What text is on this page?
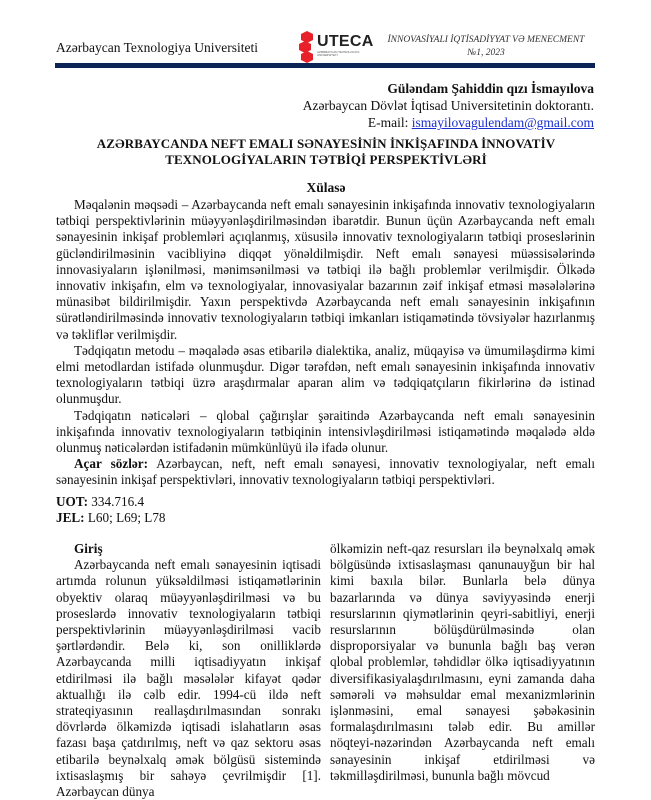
Azərbaycan Texnologiya Universiteti	UTECA
AZƏRBAYCAN TEXNOLOGİYA UNİVERSİTETİ
İNNOVASİYALI İQTİSADİYYAT VƏ MENECMENT
№1, 2023
Güləndam Şahiddin qızı İsmayılova
Azərbaycan Dövlət İqtisad Universitetinin doktorantı.
E-mail: ismayilovagulendam@gmail.com
AZƏRBAYCANDA NEFT EMALI SƏNAYESİNİN İNKİŞAFINDA İNNOVATİV
TEXNOLOGİYALARIN TƏTBİQİ PERSPEKTİVLƏRİ
Xülasə

Məqalənin məqsədi – Azərbaycanda neft emalı sənayesinin inkişafında innovativ texnologiyaların tətbiqi perspektivlərinin müəyyənləşdirilməsindən ibarətdir. Bunun üçün Azərbaycanda neft emalı sənayesinin inkişaf problemləri açıqlanmış, xüsusilə innovativ texnologiyaların tətbiqi proseslərinin gücləndirilməsinin vacibliyinə diqqət yönəldilmişdir. Neft emalı sənayesi müəssisələrində innovasiyaların işlənilməsi, mənimsənilməsi və tətbiqi ilə bağlı problemlər verilmişdir. Ölkədə innovativ inkişafın, elm və texnologiyalar, innovasiyalar bazarının zəif inkişaf etməsi məsələlərinə münasibət bildirilmişdir. Yaxın perspektivdə Azərbaycanda neft emalı sənayesinin inkişafının sürətləndirilməsində innovativ texnologiyaların tətbiqi imkanları istiqamətində tövsiyələr hazırlanmış və təkliflər verilmişdir.

Tədqiqatın metodu – məqalədə əsas etibarilə dialektika, analiz, müqayisə və ümumiləşdirmə kimi elmi metodlardan istifadə olunmuşdur. Digər tərəfdən, neft emalı sənayesinin inkişafında innovativ texnologiyaların tətbiqi üzrə araşdırmalar aparan alim və tədqiqatçıların fikirlərinə də istinad olunmuşdur.

Tədqiqatın nəticələri – qlobal çağırışlar şəraitində Azərbaycanda neft emalı sənayesinin inkişafında innovativ texnologiyaların tətbiqinin intensivləşdirilməsi istiqamətində məqalədə əldə olunmuş nəticələrdən istifadənin mümkünlüyü ilə ifadə olunur.

Açar sözlər: Azərbaycan, neft, neft emalı sənayesi, innovativ texnologiyalar, neft emalı sənayesinin inkişaf perspektivləri, innovativ texnologiyaların tətbiqi perspektivləri.

UOT: 334.716.4
JEL: L60; L69; L78
Giriş

Azərbaycanda neft emalı sənayesinin iqtisadi artımda rolunun yüksəldilməsi istiqamətlərinin obyektiv olaraq müəyyənləşdirilməsi və bu proseslərdə innovativ texnologiyaların tətbiqi perspektivlərinin müəyyənləşdirilməsi vacib şərtlərdəndir. Belə ki, son onilliklərdə Azərbaycanda milli iqtisadiyyatın inkişaf etdirilməsi ilə bağlı məsələlər kifayət qədər aktuallığı ilə cəlb edir. 1994-cü ildə neft strateqiyasının reallaşdırılmasından sonrakı dövrlərdə ölkəmizdə iqtisadi islahatların əsas fazası başa çatdırılmış, neft və qaz sektoru əsas etibarilə beynəlxalq əmək bölgüsü sistemində ixtisaslaşmış bir sahəyə çevrilmişdir [1]. Azərbaycan dünya

ölkəmizin neft-qaz resursları ilə beynəlxalq əmək bölgüsündə ixtisaslaşması qanunauyğun bir hal kimi baxıla bilər. Bunlarla belə dünya bazarlarında və dünya səviyyəsində enerji resurslarının qiymətlərinin qeyri-sabitliyi, enerji resurslarının bölüşdürülməsində olan disproporsiyalar və bununla bağlı baş verən qlobal problemlər, təhdidlər ölkə iqtisadiyyatının diversifikasiyalaşdırılmasını, eyni zamanda daha səmərəli və məhsuldar emal mexanizmlərinin işlənməsini, emal sənayesi şəbəkəsinin formalaşdırılmasını tələb edir. Bu amillər nöqteyi-nəzərindən Azərbaycanda neft emalı sənayesinin inkişaf etdirilməsi və təkmilləşdirilməsi, bununla bağlı mövcud
